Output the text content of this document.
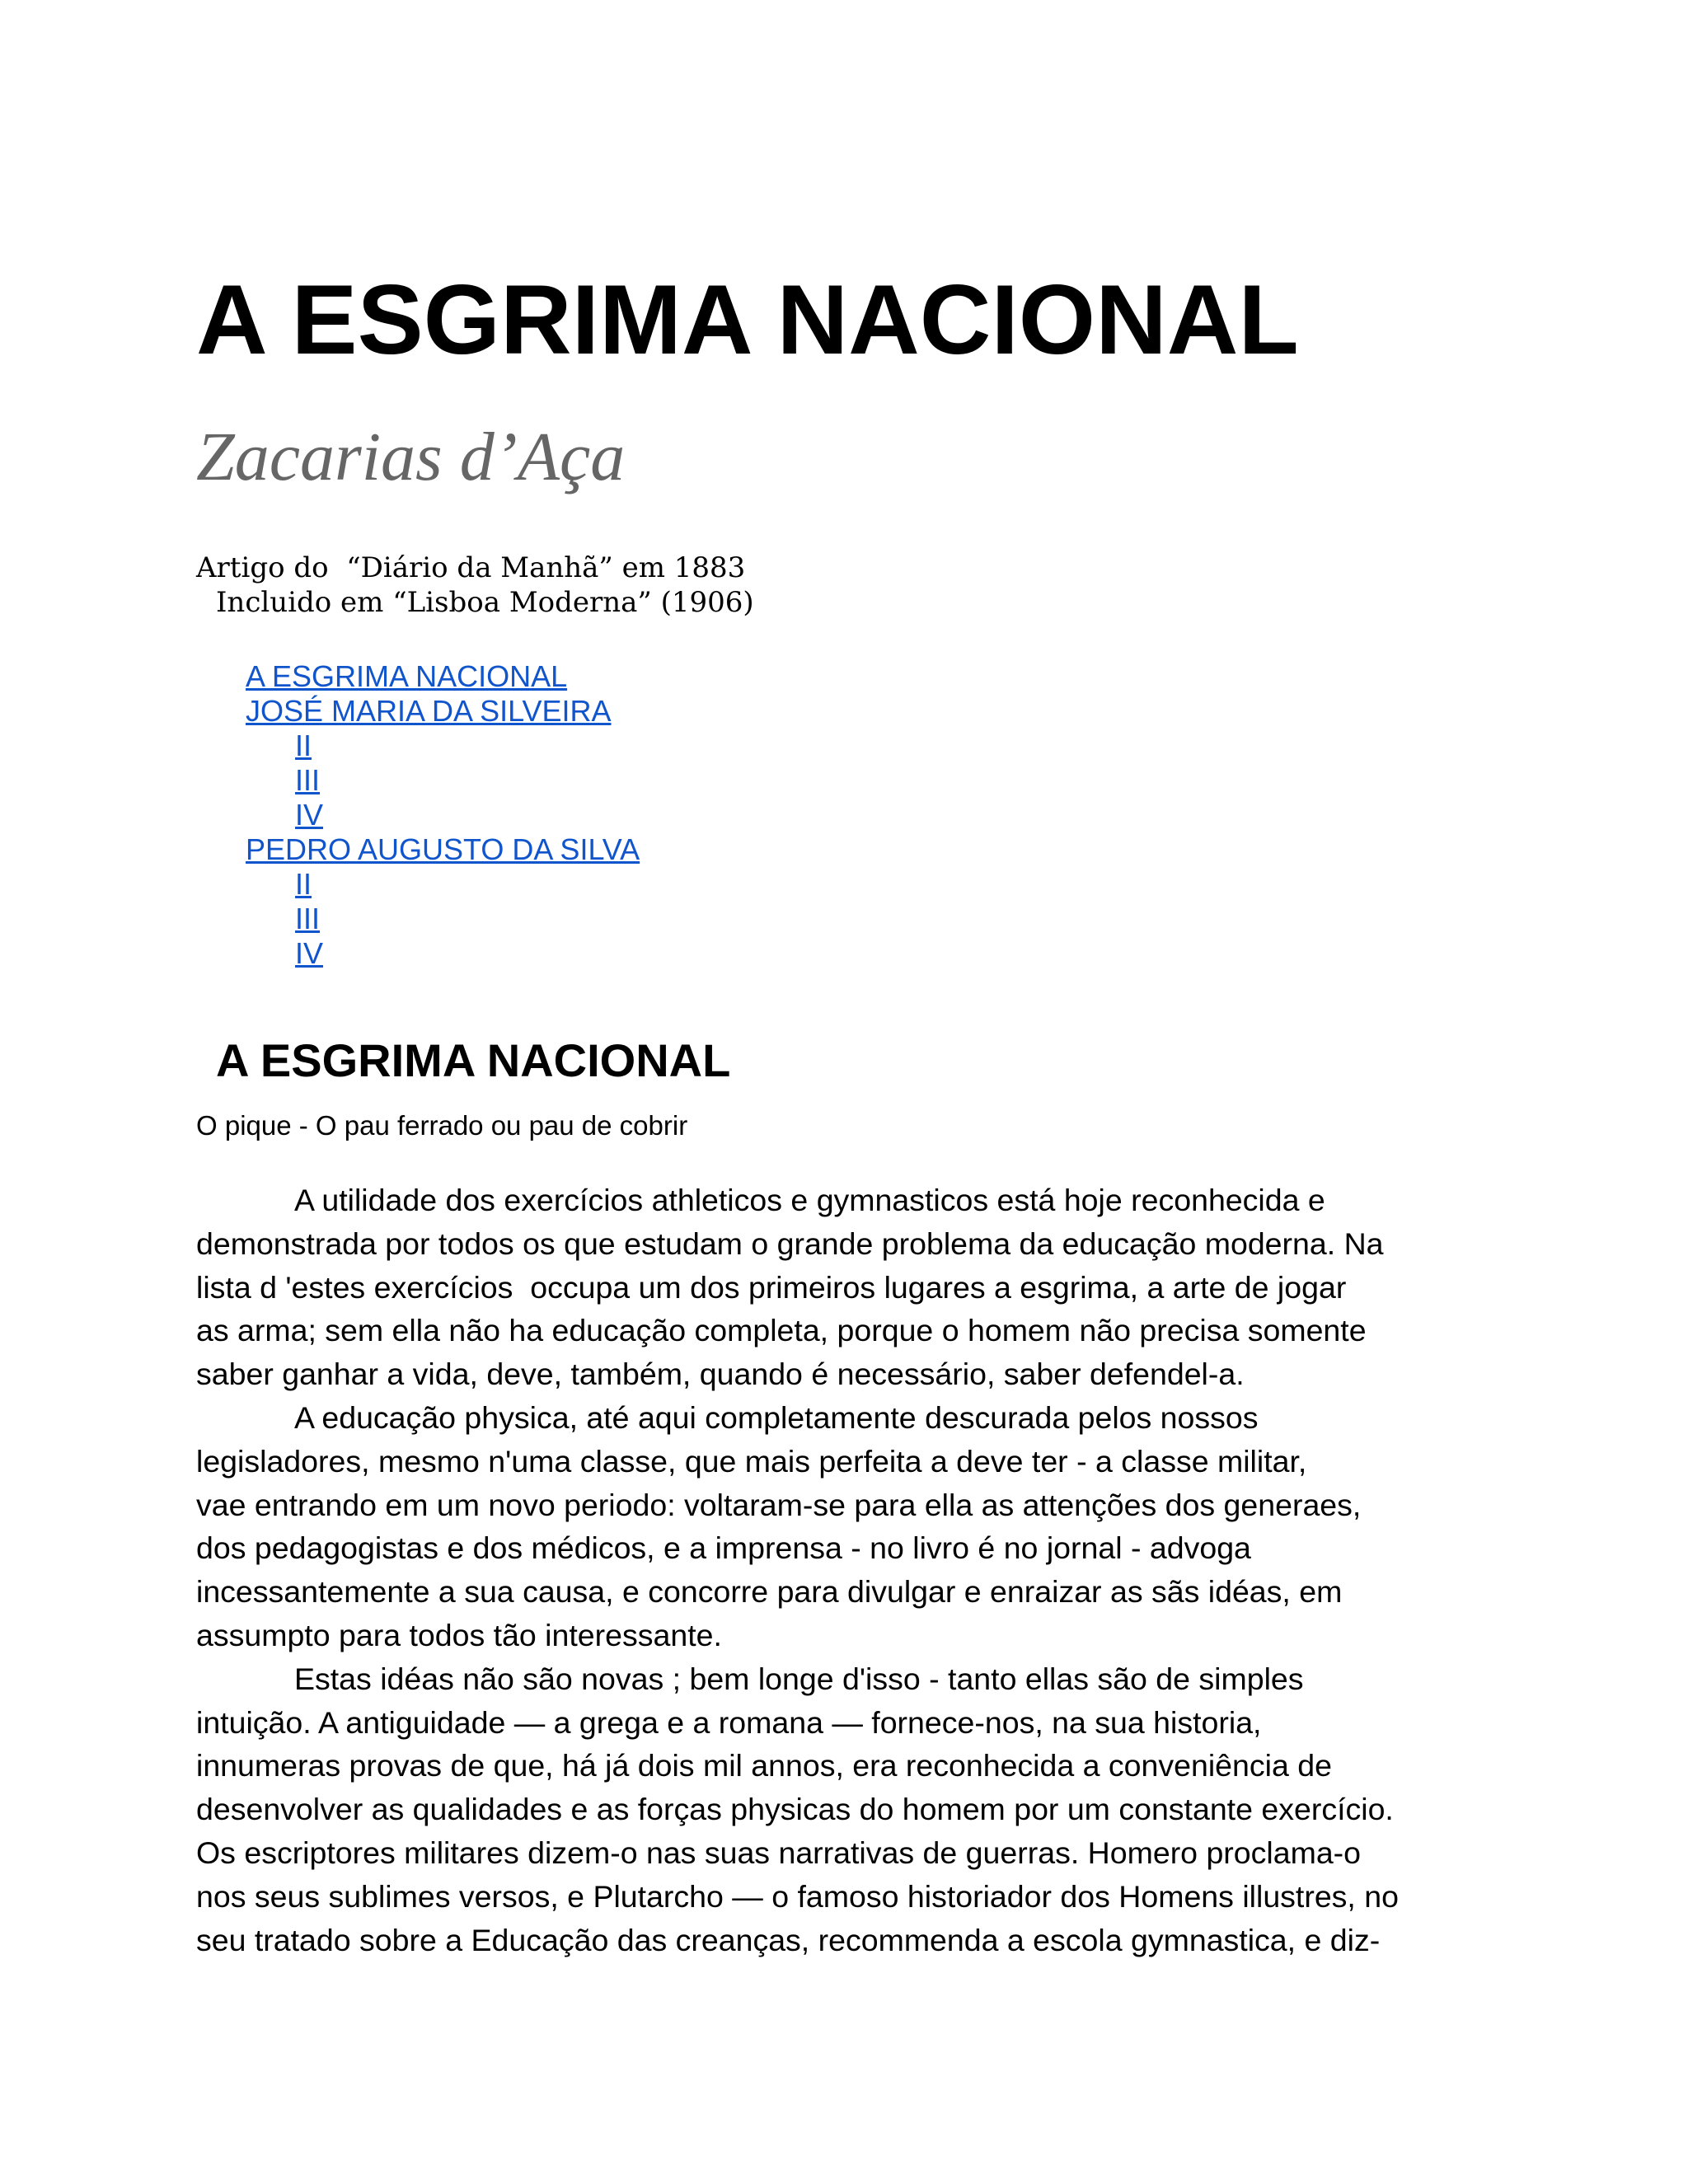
A ESGRIMA NACIONAL
Zacarias d’Aça
Artigo do  “Diário da Manhã” em 1883
Incluido em “Lisboa Moderna” (1906)
A ESGRIMA NACIONAL
JOSÉ MARIA DA SILVEIRA
II
III
IV
PEDRO AUGUSTO DA SILVA
II
III
IV
A ESGRIMA NACIONAL
O pique - O pau ferrado ou pau de cobrir
A utilidade dos exercícios athleticos e gymnasticos está hoje reconhecida e
demonstrada por todos os que estudam o grande problema da educação moderna. Na
lista d 'estes exercícios  occupa um dos primeiros lugares a esgrima, a arte de jogar
as arma; sem ella não ha educação completa, porque o homem não precisa somente
saber ganhar a vida, deve, também, quando é necessário, saber defendel-a.
A educação physica, até aqui completamente descurada pelos nossos
legisladores, mesmo n'uma classe, que mais perfeita a deve ter - a classe militar,
vae entrando em um novo periodo: voltaram-se para ella as attenções dos generaes,
dos pedagogistas e dos médicos, e a imprensa - no livro é no jornal - advoga
incessantemente a sua causa, e concorre para divulgar e enraizar as sãs idéas, em
assumpto para todos tão interessante.
Estas idéas não são novas ; bem longe d'isso - tanto ellas são de simples
intuição. A antiguidade — a grega e a romana — fornece-nos, na sua historia,
innumeras provas de que, há já dois mil annos, era reconhecida a conveniência de
desenvolver as qualidades e as forças physicas do homem por um constante exercício.
Os escriptores militares dizem-o nas suas narrativas de guerras. Homero proclama-o
nos seus sublimes versos, e Plutarcho — o famoso historiador dos Homens illustres, no
seu tratado sobre a Educação das creanças, recommenda a escola gymnastica, e diz-
